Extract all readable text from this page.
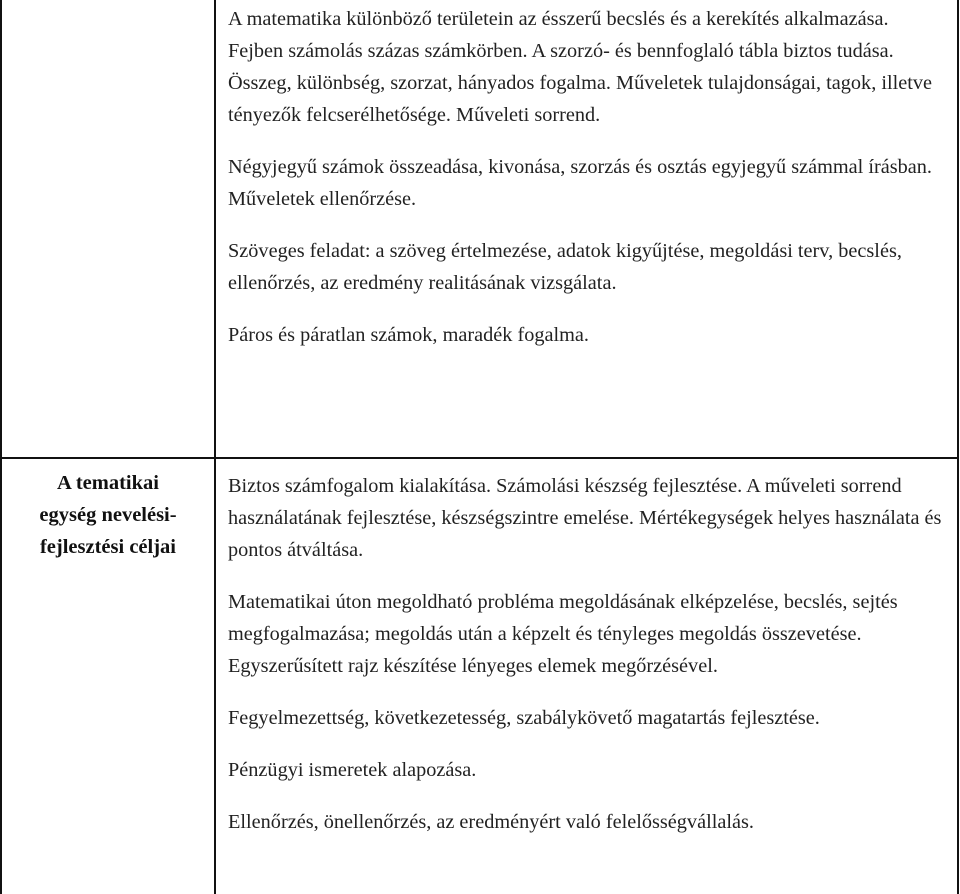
A matematika különböző területein az ésszerű becslés és a kerekítés alkalmazása. Fejben számolás százas számkörben. A szorzó- és bennfoglaló tábla biztos tudása. Összeg, különbség, szorzat, hányados fogalma. Műveletek tulajdonságai, tagok, illetve tényezők felcserélhetősége. Műveleti sorrend.

Négyjegyű számok összeadása, kivonása, szorzás és osztás egyjegyű számmal írásban. Műveletek ellenőrzése.

Szöveges feladat: a szöveg értelmezése, adatok kigyűjtése, megoldási terv, becslés, ellenőrzés, az eredmény realitásának vizsgálata.

Páros és páratlan számok, maradék fogalma.

A tematikai

egység nevelési-

fejlesztési céljai

Biztos számfogalom kialakítása. Számolási készség fejlesztése. A műveleti sorrend használatának fejlesztése, készségszintre emelése. Mértékegységek helyes használata és pontos átváltása.

Matematikai úton megoldható probléma megoldásának elképzelése, becslés, sejtés megfogalmazása; megoldás után a képzelt és tényleges megoldás összevetése. Egyszerűsített rajz készítése lényeges elemek megőrzésével.

Fegyelmezettség, következetesség, szabálykövető magatartás fejlesztése.

Pénzügyi ismeretek alapozása.

Ellenőrzés, önellenőrzés, az eredményért való felelősségvállalás.
